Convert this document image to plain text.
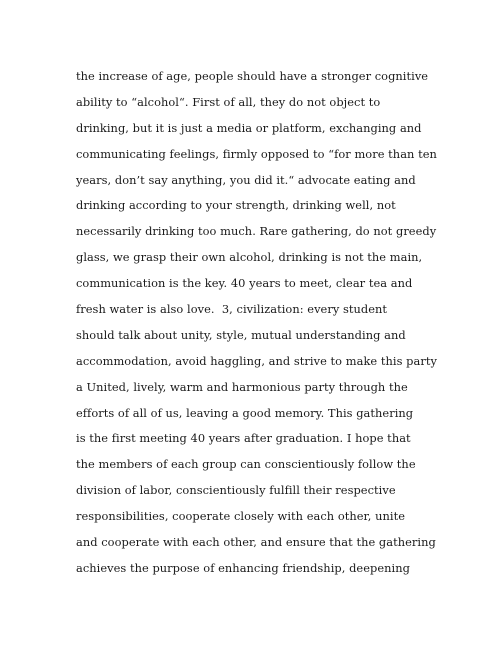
the increase of age, people should have a stronger cognitive
ability to “alcohol“. First of all, they do not object to
drinking, but it is just a media or platform, exchanging and
communicating feelings, firmly opposed to “for more than ten
years, don’t say anything, you did it.“ advocate eating and
drinking according to your strength, drinking well, not
necessarily drinking too much. Rare gathering, do not greedy
glass, we grasp their own alcohol, drinking is not the main,
communication is the key. 40 years to meet, clear tea and
fresh water is also love.  3, civilization: every student
should talk about unity, style, mutual understanding and
accommodation, avoid haggling, and strive to make this party
a United, lively, warm and harmonious party through the
efforts of all of us, leaving a good memory. This gathering
is the first meeting 40 years after graduation. I hope that
the members of each group can conscientiously follow the
division of labor, conscientiously fulfill their respective
responsibilities, cooperate closely with each other, unite
and cooperate with each other, and ensure that the gathering
achieves the purpose of enhancing friendship, deepening
